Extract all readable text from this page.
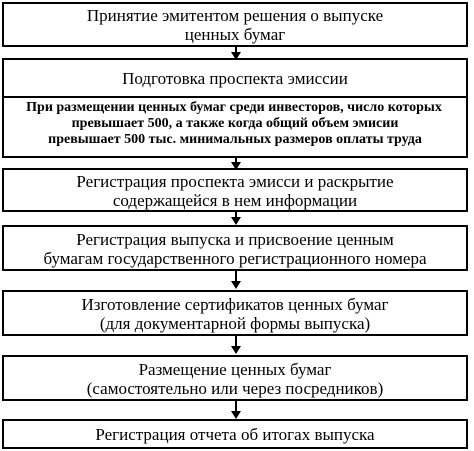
Принятие эмитентом решения о выпуске
ценных бумаг
Подготовка проспекта эмиссии
При размещении ценных бумаг среди инвесторов, число которых
превышает 500, а также когда общий объем эмисии
превышает 500 тыс. минимальных размеров оплаты труда
Регистрация проспекта эмисси и раскрытие
содержащейся в нем информации
Регистрация выпуска и присвоение ценным
бумагам государственного регистрационного номера
Изготовление сертификатов ценных бумаг
(для документарной формы выпуска)
Размещение ценных бумаг
(самостоятельно или через посредников)
Регистрация отчета об итогах выпуска
